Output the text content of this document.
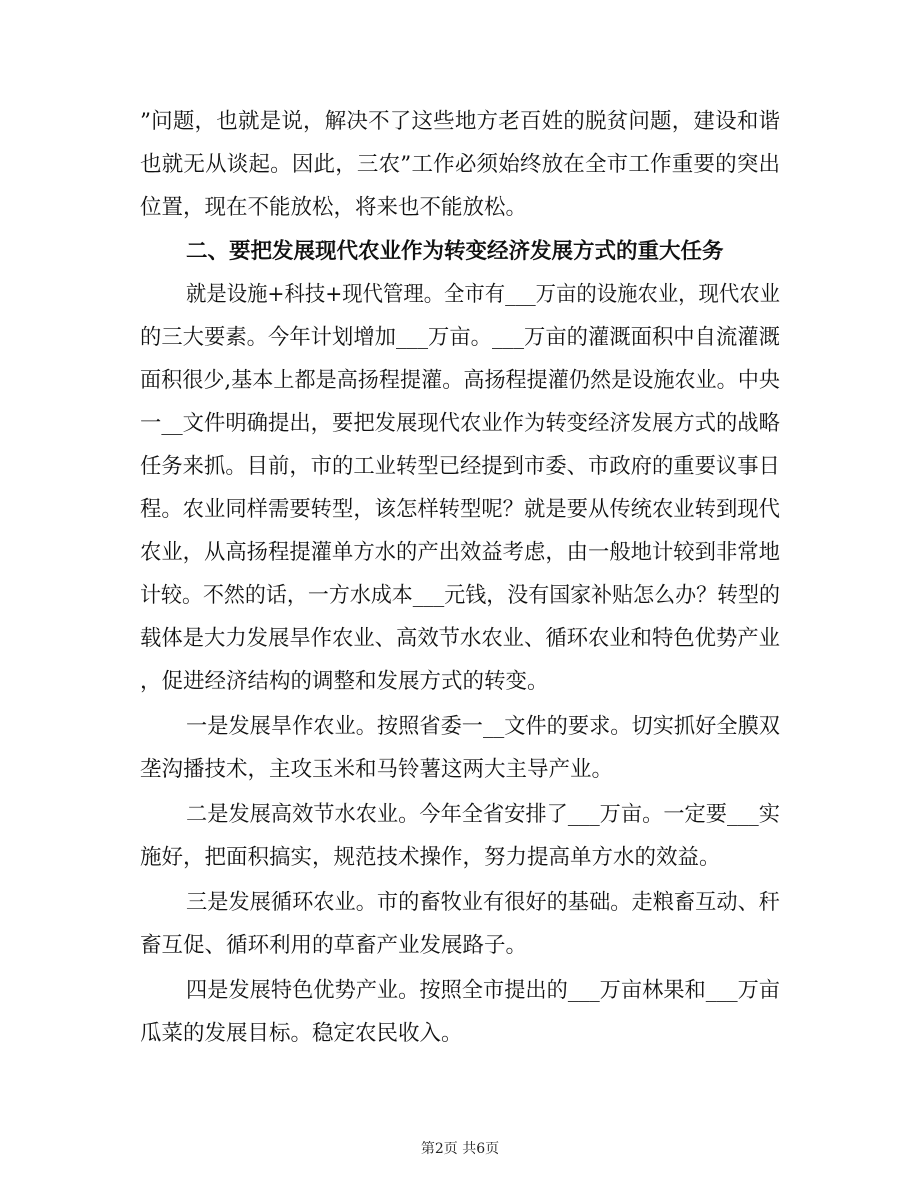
”问题，也就是说，解决不了这些地方老百姓的脱贫问题，建设和谐
也就无从谈起。因此，三农”工作必须始终放在全市工作重要的突出
位置，现在不能放松，将来也不能放松。
二、要把发展现代农业作为转变经济发展方式的重大任务
就是设施+科技+现代管理。全市有___万亩的设施农业，现代农业
的三大要素。今年计划增加___万亩。___万亩的灌溉面积中自流灌溉
面积很少,基本上都是高扬程提灌。高扬程提灌仍然是设施农业。中央
一__文件明确提出，要把发展现代农业作为转变经济发展方式的战略
任务来抓。目前，市的工业转型已经提到市委、市政府的重要议事日
程。农业同样需要转型，该怎样转型呢？就是要从传统农业转到现代
农业，从高扬程提灌单方水的产出效益考虑，由一般地计较到非常地
计较。不然的话，一方水成本___元钱，没有国家补贴怎么办？转型的
载体是大力发展旱作农业、高效节水农业、循环农业和特色优势产业
，促进经济结构的调整和发展方式的转变。
一是发展旱作农业。按照省委一__文件的要求。切实抓好全膜双
垄沟播技术，主攻玉米和马铃薯这两大主导产业。
二是发展高效节水农业。今年全省安排了___万亩。一定要___实
施好，把面积搞实，规范技术操作，努力提高单方水的效益。
三是发展循环农业。市的畜牧业有很好的基础。走粮畜互动、秆
畜互促、循环利用的草畜产业发展路子。
四是发展特色优势产业。按照全市提出的___万亩林果和___万亩
瓜菜的发展目标。稳定农民收入。
第2页 共6页
